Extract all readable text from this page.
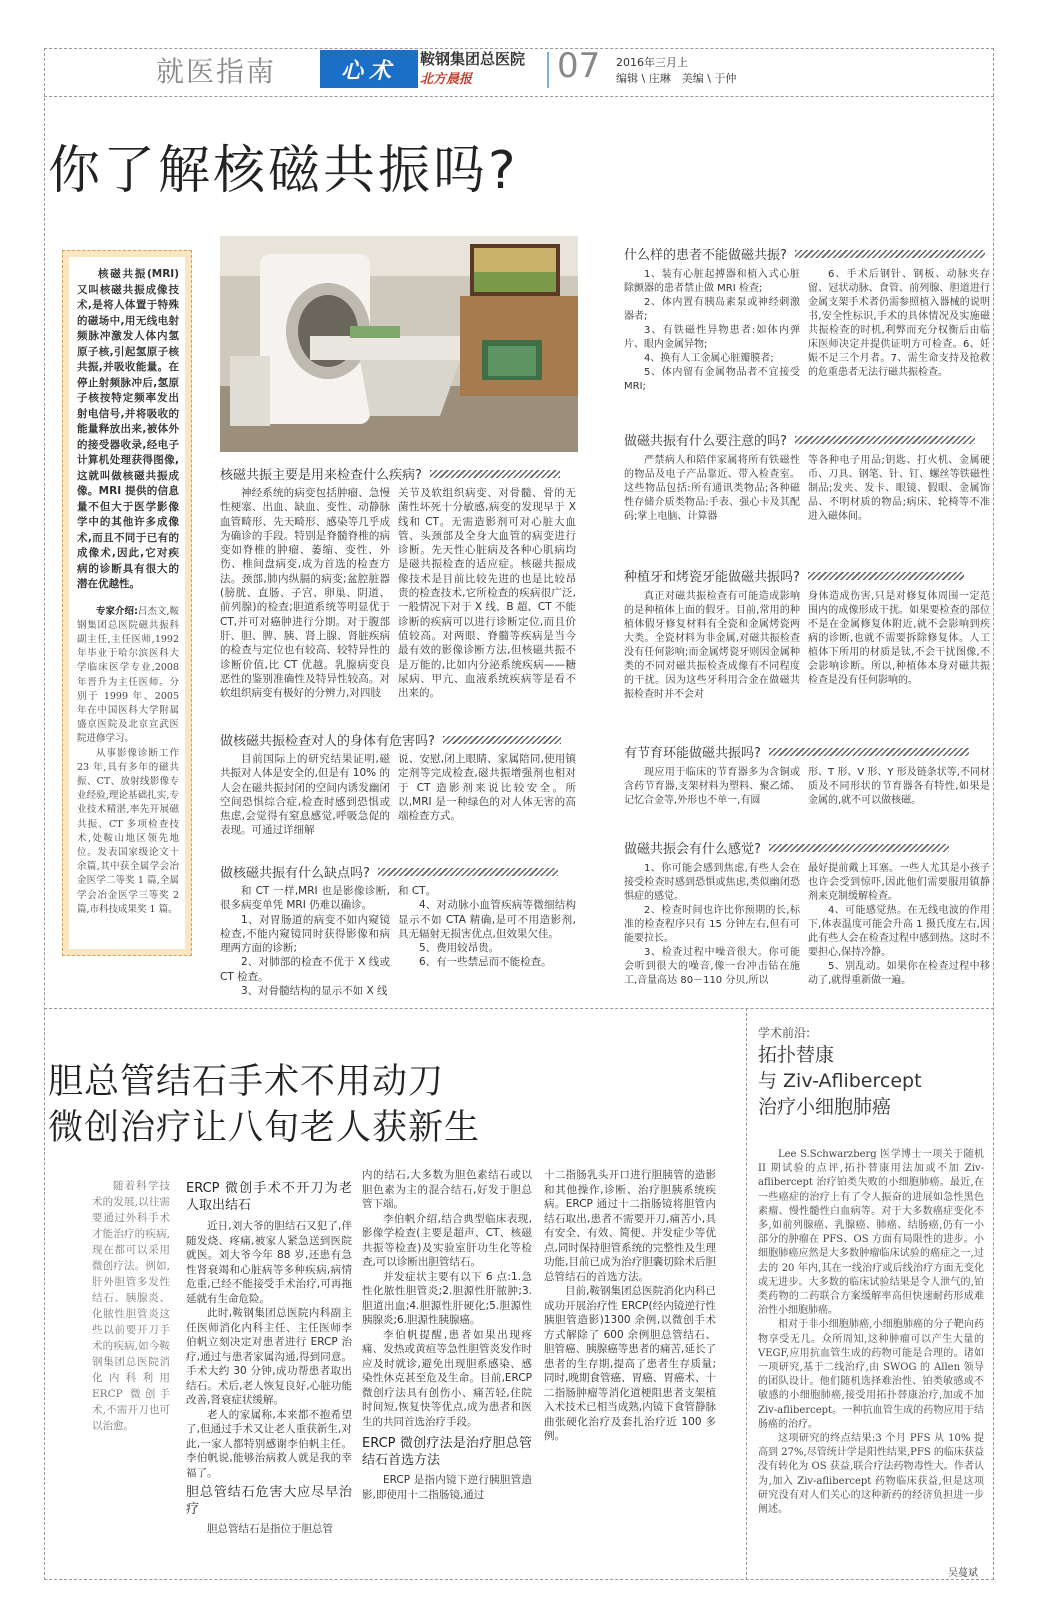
就医指南	心术	鞍钢集团总医院
北方晨报 07 2016年三月上
编辑 \ 庄琳　美编 \ 于仲
你了解核磁共振吗?
核磁共振(MRI)又叫核磁共振成像技术,是将人体置于特殊的磁场中,用无线电射频脉冲激发人体内氢原子核,引起氢原子核共振,并吸收能量。在停止射频脉冲后,氢原子核按特定频率发出射电信号,并将吸收的能量释放出来,被体外的接受器收录,经电子计算机处理获得图像,这就叫做核磁共振成像。MRI 提供的信息量不但大于医学影像学中的其他许多成像术,而且不同于已有的成像术,因此,它对疾病的诊断具有很大的潜在优越性。
专家介绍:吕杰文,鞍钢集团总医院磁共振科副主任,主任医师,1992 年毕业于哈尔滨医科大学临床医学专业,2008 年晋升为主任医师。分别于 1999 年、2005 年在中国医科大学附属盛京医院及北京宣武医院进修学习。
从事影像诊断工作 23 年,具有多年的磁共振、CT、放射线影像专业经验,理论基础扎实,专业技术精湛,率先开展磁共振、CT 多项检查技术,处鞍山地区领先地位。发表国家级论文十余篇,其中获全属学会冶金医学二等奖 1 篇,全属学会冶金医学三等奖 2 篇,市科技成果奖 1 篇。
核磁共振主要是用来检查什么疾病?

神经系统的病变包括肿瘤、急慢性梗塞、出血、缺血、变性、动静脉血管畸形、先天畸形、感染等几乎成为确诊的手段。特别是脊髓脊椎的病变如脊椎的肿瘤、萎缩、变性、外伤、椎间盘病变,成为首选的检查方法。颈部,肺内纵膈的病变;盆腔脏器(膀胱、直肠、子宫、卵巢、阴道、前列腺)的检查;胆道系统等明显优于 CT,并可对癌肿进行分期。对于腹部肝、胆、脾、胰、肾上腺、肾脏疾病的检查与定位也有较高、较特异性的诊断价值,比 CT 优越。乳腺病变良恶性的鉴别准确性及特异性较高。对软组织病变有极好的分辨力,对四肢

关节及软组织病变、对骨髓、骨的无菌性坏死十分敏感,病变的发现早于 X 线和 CT。无需造影剂可对心脏大血管、头颈部及全身大血管的病变进行诊断。先天性心脏病及各种心肌病均是磁共振检查的适应症。核磁共振成像技术是目前比较先进的也是比较昂贵的检查技术,它所检查的疾病很广泛,一般情况下对于 X 线、B 超、CT 不能诊断的疾病可以进行诊断定位,而且价值较高。对两眼、脊髓等疾病是当今最有效的影像诊断方法,但核磁共振不是万能的,比如内分泌系统疾病——糖尿病、甲亢、血液系统疾病等是看不出来的。

做核磁共振检查对人的身体有危害吗?

目前国际上的研究结果证明,磁共振对人体是安全的,但是有 10% 的人会在磁共振封闭的空间内诱发幽闭空间恐惧综合症,检查时感到恐惧或焦虑,会觉得有窒息感觉,呼吸急促的表现。可通过详细解

说、安慰,闭上眼睛、家属陪同,使用镇定剂等完成检查,磁共振增强剂也相对于 CT 造影剂来说比较安全。所以,MRI 是一种绿色的对人体无害的高端检查方式。

做核磁共振有什么缺点吗?

和 CT 一样,MRI 也是影像诊断,很多病变单凭 MRI 仍难以确诊。

1、对胃肠道的病变不如内窥镜检查,不能内窥镜同时获得影像和病理两方面的诊断;

2、对肺部的检查不优于 X 线或 CT 检查。

3、对骨髓结构的显示不如 X 线

和 CT。

4、对动脉小血管疾病等微细结构显示不如 CTA 精确,是可不用造影剂,具无辐射无损害优点,但效果欠佳。

5、费用较昂贵。

6、有一些禁忌而不能检查。

什么样的患者不能做磁共振?

1、装有心脏起搏器和植入式心脏除颤器的患者禁止做 MRI 检查;

2、体内置有胰岛素泵或神经刺激器者;

3、有铁磁性异物患者:如体内弹片、眼内金属异物;

4、换有人工金属心脏瓣膜者;

5、体内留有金属物品者不宜接受 MRI;

6、手术后钢针、钢板、动脉夹存留、冠状动脉、食管、前列腺、胆道进行金属支架手术者仍需参照植入器械的说明书,安全性标识,手术的具体情况及实施磁共振检查的时机,利弊而充分权衡后由临床医师决定并提供证明方可检查。6、妊娠不足三个月者。7、需生命支持及抢救的危重患者无法行磁共振检查。

做磁共振有什么要注意的吗?

严禁病人和陪伴家属将所有铁磁性的物品及电子产品靠近、带入检查室。这些物品包括:所有通讯类物品;各种磁性存储介质类物品:手表、强心卡及其配码;掌上电脑、计算器

等各种电子用品;钥匙、打火机、金属硬币、刀具、钢笔、针、钉、螺丝等铁磁性制品;发夹、发卡、眼镜、假眼、金属饰品、不明材质的物品;病床、轮椅等不准进入磁体间。

种植牙和烤瓷牙能做磁共振吗?

真正对磁共振检查有可能造成影响的是种植体上面的假牙。目前,常用的种植体假牙修复材料有全瓷和金属烤瓷两大类。全瓷材料为非金属,对磁共振检查没有任何影响;而金属烤瓷牙则因金属种类的不同对磁共振检查成像有不同程度的干扰。因为这些牙科用合金在做磁共振检查时并不会对

身体造成伤害,只是对修复体周围一定范围内的成像形成干扰。如果要检查的部位不是在金属修复体附近,就不会影响到疾病的诊断,也就不需要拆除修复体。人工植体下所用的材质是钛,不会干扰图像,不会影响诊断。所以,种植体本身对磁共振检查是没有任何影响的。

有节育环能做磁共振吗?

现应用于临床的节育器多为含铜或含药节育器,支架材料为塑料、聚乙烯、记忆合金等,外形也不单一,有圆

形、T 形、V 形、Y 形及链条状等,不同材质及不同形状的节育器各有特性,如果是金属的,就不可以做核磁。

做磁共振会有什么感觉?

1、你可能会感到焦虑,有些人会在接受检查时感到恐惧或焦虑,类似幽闭恐惧症的感觉。

2、检查时间也许比你预期的长,标准的检查程序只有 15 分钟左右,但有可能要拉长。

3、检查过程中噪音很大。你可能会听到很大的噪音,像一台冲击钻在施工,音量高达 80－110 分贝,所以

最好提前戴上耳塞。一些人尤其是小孩子也许会受到惊吓,因此他们需要服用镇静剂来克制缓解检查。

4、可能感觉热。在无线电波的作用下,体表温度可能会升高 1 摄氏度左右,因此有些人会在检查过程中感到热。这时不要担心,保持冷静。

5、别乱动。如果你在检查过程中移动了,就得重新做一遍。

胆总管结石手术不用动刀
微创治疗让八旬老人获新生
随着科学技术的发展,以往需要通过外科手术才能治疗的疾病,现在都可以采用微创疗法。例如,肝外胆管多发性结石、胰腺炎、化脓性胆管炎这些以前要开刀手术的疾病,如今鞍钢集团总医院消化内科利用 ERCP 微创手术,不需开刀也可以治愈。
ERCP 微创手术不开刀为老人取出结石

近日,刘大爷的胆结石又犯了,伴随发烧、疼痛,被家人紧急送到医院就医。刘大爷今年 88 岁,还患有急性肾衰竭和心脏病等多种疾病,病情危重,已经不能接受手术治疗,可再拖延就有生命危险。

此时,鞍钢集团总医院内科副主任医师消化内科主任、主任医师李伯帆立刻决定对患者进行 ERCP 治疗,通过与患者家属沟通,得到同意。手术大约 30 分钟,成功帮患者取出结石。术后,老人恢复良好,心脏功能改善,肾衰症状缓解。

老人的家属称,本来都不抱希望了,但通过手术又让老人重获新生,对此,一家人都特别感谢李伯帆主任。李伯帆说,能够治病救人就是我的幸福了。

胆总管结石危害大应尽早治疗

胆总管结石是指位于胆总管

内的结石,大多数为胆色素结石或以胆色素为主的混合结石,好发于胆总管下端。

李伯帆介绍,结合典型临床表现,影像学检查(主要是超声、CT、核磁共振等检查)及实验室肝功生化等检查,可以诊断出胆管结石。

并发症状主要有以下 6 点:1.急性化脓性胆管炎;2.胆源性肝脓肿;3.胆道出血;4.胆源性肝硬化;5.胆源性胰腺炎;6.胆源性胰腺癌。

李伯帆提醒,患者如果出现疼痛、发热或黄疸等急性胆管炎发作时应及时就诊,避免出现胆系感染、感染性休克甚至危及生命。目前,ERCP 微创疗法具有创伤小、痛苦轻,住院时间短,恢复快等优点,成为患者和医生的共同首选治疗手段。

ERCP 微创疗法是治疗胆总管结石首选方法

ERCP 是指内镜下逆行胰胆管造影,即使用十二指肠镜,通过

十二指肠乳头开口进行胆胰管的造影和其他操作,诊断、治疗胆胰系统疾病。ERCP 通过十二指肠镜将胆管内结石取出,患者不需要开刀,痛苦小,具有安全、有效、简便、并发症少等优点,同时保持胆管系统的完整性及生理功能,目前已成为治疗胆囊切除术后胆总管结石的首选方法。

目前,鞍钢集团总医院消化内科已成功开展治疗性 ERCP(经内镜逆行性胰胆管造影)1300 余例,以微创手术方式解除了 600 余例胆总管结石、胆管癌、胰腺癌等患者的痛苦,延长了患者的生存期,提高了患者生存质量;同时,晚期食管癌、胃癌、胃癌术、十二指肠肿瘤等消化道梗阻患者支架植入术技术已相当成熟,内镜下食管静脉曲张硬化治疗及套扎治疗近 100 多例。

学术前沿:
拓扑替康
与 Ziv-Aflibercept
治疗小细胞肺癌

Lee S.Schwarzberg 医学博士一项关于随机 II 期试验的点评,拓扑替康用法加或不加 Ziv-aflibercept 治疗铂类失败的小细胞肺癌。最近,在一些癌症的治疗上有了令人振奋的进展如急性黑色素瘤、慢性髓性白血病等。对于大多数癌症变化不多,如前列腺癌、乳腺癌、肺癌、结肠癌,仍有一小部分的肿瘤在 PFS、OS 方面有局限性的进步。小细胞肺癌应然是大多数肿瘤临床试验的癌症之一,过去的 20 年内,其在一线治疗或后线治疗方面无变化或无进步。大多数的临床试验结果是令人泄气的,铂类药物的二药联合方案缓解率高但快速耐药形成难治性小细胞肺癌。

相对于非小细胞肺癌,小细胞肺癌的分子靶向药物享受无几。众所周知,这种肿瘤可以产生大量的 VEGF,应用抗血管生成的药物可能是合理的。诸如一项研究,基于二线治疗,由 SWOG 的 Allen 领导的团队设计。他们随机选择难治性、铂类敏感或不敏感的小细胞肺癌,接受用拓扑替康治疗,加或不加 Ziv-aflibercept。一种抗血管生成的药物应用于结肠癌的治疗。

这项研究的终点结果:3 个月 PFS 从 10% 提高到 27%,尽管统计学是阳性结果,PFS 的临床获益没有转化为 OS 获益,联合疗法药物毒性大。作者认为,加入 Ziv-aflibercept 药物临床获益,但是这项研究没有对人们关心的这种新药的经济负担进一步阐述。

吴蔓斌
